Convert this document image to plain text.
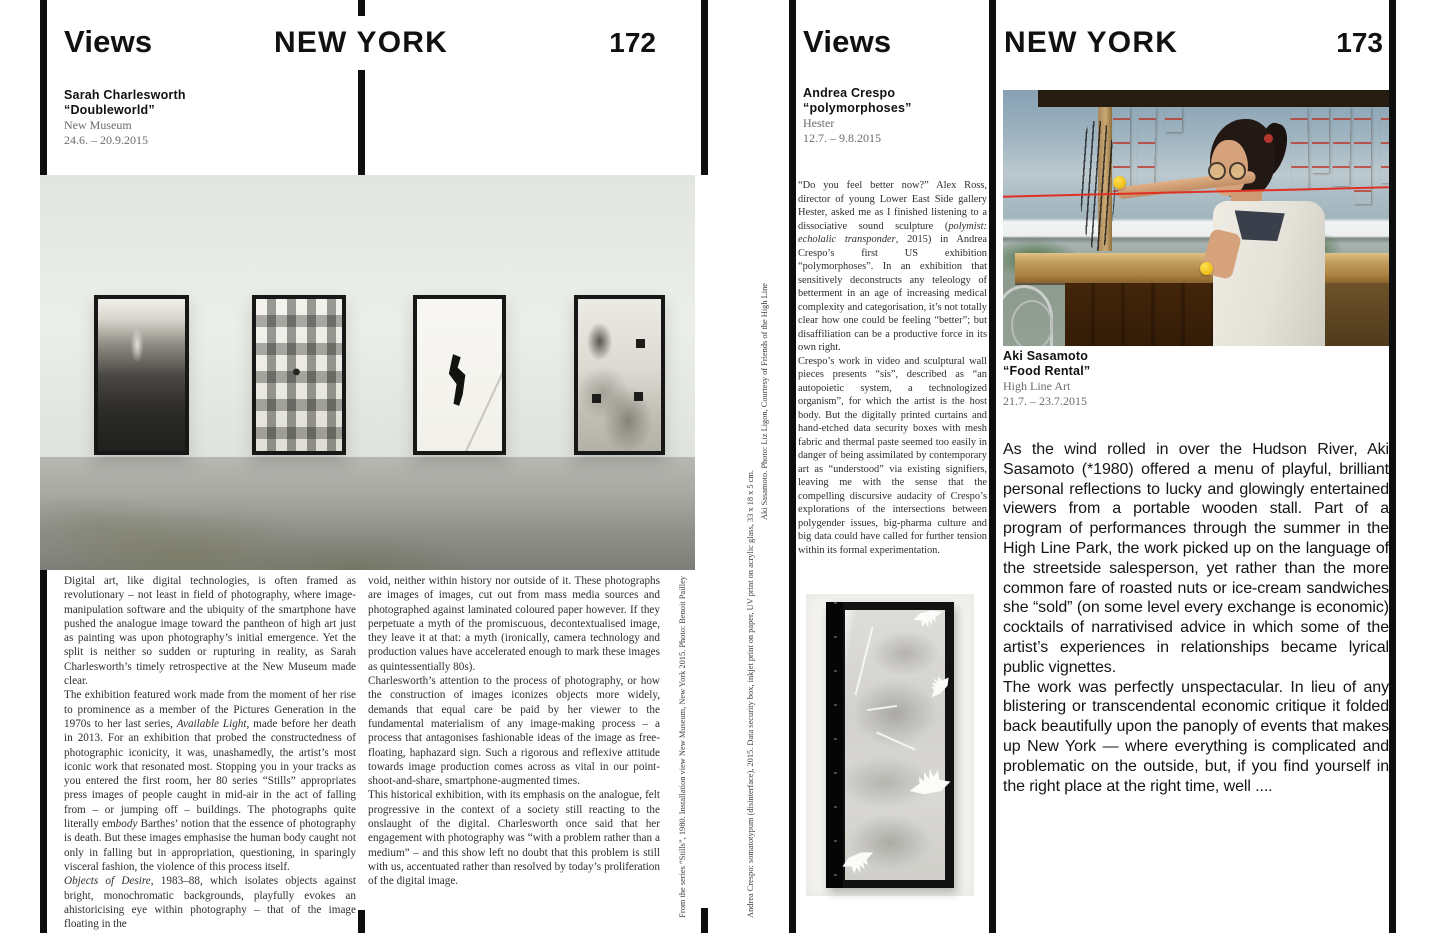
Views	NEW YORK	172
Sarah Charlesworth
“Doubleworld”
New Museum
24.6. – 20.9.2015

Digital art, like digital technologies, is often framed as revolutionary – not least in field of photography, where image-manipulation software and the ubiquity of the smartphone have pushed the analogue image toward the pantheon of high art just as painting was upon photography’s initial emergence. Yet the split is neither so sudden or rupturing in reality, as Sarah Charlesworth’s timely retrospective at the New Museum made clear.

The exhibition featured work made from the moment of her rise to prominence as a member of the Pictures Generation in the 1970s to her last series, Available Light, made before her death in 2013. For an exhibition that probed the constructedness of photographic iconicity, it was, unashamedly, the artist’s most iconic work that resonated most. Stopping you in your tracks as you entered the first room, her 80 series “Stills” appropriates press images of people caught in mid-air in the act of falling from – or jumping off – buildings. The photographs quite literally embody Barthes’ notion that the essence of photography is death. But these images emphasise the human body caught not only in falling but in appropriation, questioning, in sparingly visceral fashion, the violence of this process itself.

Objects of Desire, 1983–88, which isolates objects against bright, monochromatic backgrounds, playfully evokes an ahistoricising eye within photography – that of the image floating in the

void, neither within history nor outside of it. These photographs are images of images, cut out from mass media sources and photographed against laminated coloured paper however. If they perpetuate a myth of the promiscuous, decontextualised image, they leave it at that: a myth (ironically, camera technology and production values have accelerated enough to mark these images as quintessentially 80s).

Charlesworth’s attention to the process of photography, or how the construction of images iconizes objects more widely, demands that equal care be paid by her viewer to the fundamental materialism of any image-making process – a process that antagonises fashionable ideas of the image as free-floating, haphazard sign. Such a rigorous and reflexive attitude towards image production comes across as vital in our point-shoot-and-share, smartphone-augmented times.

This historical exhibition, with its emphasis on the analogue, felt progressive in the context of a society still reacting to the onslaught of the digital. Charlesworth once said that her engagement with photography was “with a problem rather than a medium” – and this show left no doubt that this problem is still with us, accentuated rather than resolved by today’s proliferation of the digital image.	From the series “Stills”, 1980. Installation view New Museum, New York 2015. Photo: Benoit Pailley	Andrea Crespo: somatotypum (disinterface), 2015. Data security box, inkjet print on paper, UV print on acrylic glass, 33 x 18 x 5 cm.
Aki Sasamoto. Photo: Liz Ligon, Courtesy of Friends of the High Line
Views
Andrea Crespo
“polymorphoses”
Hester
12.7. – 9.8.2015

“Do you feel better now?” Alex Ross, director of young Lower East Side gallery Hester, asked me as I finished listening to a dissociative sound sculpture (polymist: echolalic transponder, 2015) in Andrea Crespo’s first US exhibition “polymorphoses”. In an exhibition that sensitively deconstructs any teleology of betterment in an age of increasing medical complexity and categorisation, it’s not totally clear how one could be feeling “better”; but disaffiliation can be a productive force in its own right.

Crespo’s work in video and sculptural wall pieces presents “sis”, described as “an autopoietic system, a technologized organism”, for which the artist is the host body. But the digitally printed curtains and hand-etched data security boxes with mesh fabric and thermal paste seemed too easily in danger of being assimilated by contemporary art as “understood” via existing signifiers, leaving me with the sense that the compelling discursive audacity of Crespo’s explorations of the intersections between polygender issues, big-pharma culture and big data could have called for further tension within its formal experimentation.

NEW YORK	173
Aki Sasamoto
“Food Rental”
High Line Art
21.7. – 23.7.2015

As the wind rolled in over the Hudson River, Aki Sasamoto (*1980) offered a menu of playful, brilliant personal reflections to lucky and glowingly entertained viewers from a portable wooden stall. Part of a program of performances through the summer in the High Line Park, the work picked up on the language of the streetside salesperson, yet rather than the more common fare of roasted nuts or ice-cream sandwiches she “sold” (on some level every exchange is economic) cocktails of narrativised advice in which some of the artist’s experiences in relationships became lyrical public vignettes.

The work was perfectly unspectacular. In lieu of any blistering or transcendental economic critique it folded back beautifully upon the panoply of events that makes up New York — where everything is complicated and problematic on the outside, but, if you find yourself in the right place at the right time, well ....
